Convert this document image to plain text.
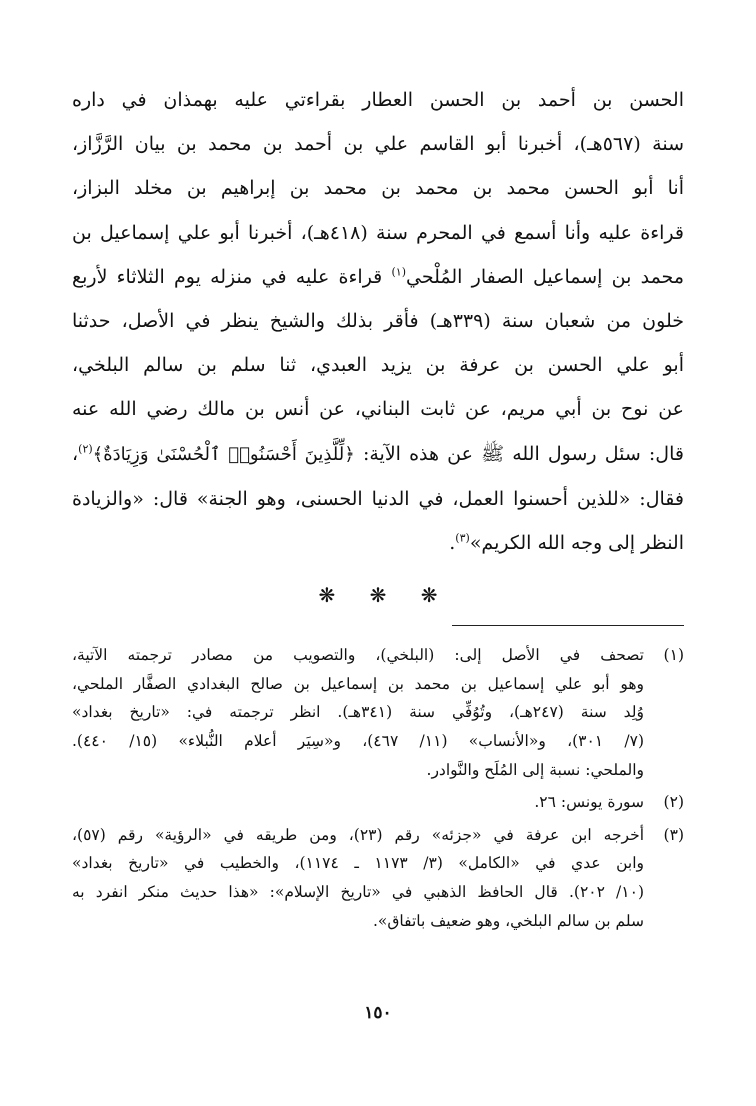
الحسن بن أحمد بن الحسن العطار بقراءتي عليه بهمذان في داره
سنة (٥٦٧هـ)، أخبرنا أبو القاسم علي بن أحمد بن محمد بن بيان الرَّزَّاز،
أنا أبو الحسن محمد بن محمد بن محمد بن إبراهيم بن مخلد البزاز،
قراءة عليه وأنا أسمع في المحرم سنة (٤١٨هـ)، أخبرنا أبو علي إسماعيل بن
محمد بن إسماعيل الصفار المُلْحي$^{(١)}$ قراءة عليه في منزله يوم الثلاثاء لأربع
خلون من شعبان سنة (٣٣٩هـ) فأقر بذلك والشيخ ينظر في الأصل، حدثنا
أبو علي الحسن بن عرفة بن يزيد العبدي، ثنا سلم بن سالم البلخي،
عن نوح بن أبي مريم، عن ثابت البناني، عن أنس بن مالك رضي الله عنه
قال: سئل رسول الله ﷺ عن هذه الآية: ﴿لِّلَّذِينَ أَحْسَنُوا۟ ٱلْحُسْنَىٰ وَزِيَادَةٌ﴾$^{(٢)}$،
فقال: «للذين أحسنوا العمل، في الدنيا الحسنى، وهو الجنة» قال: «والزيادة
النظر إلى وجه الله الكريم»$^{(٣)}$.
❋ ❋ ❋
(١)
تصحف في الأصل إلى: (البلخي)، والتصويب من مصادر ترجمته الآتية،
وهو أبو علي إسماعيل بن محمد بن إسماعيل بن صالح البغدادي الصفَّار الملحي،
وُلِد سنة (٢٤٧هـ)، وتُوُفِّي سنة (٣٤١هـ). انظر ترجمته في: «تاريخ بغداد»
(٧/ ٣٠١)، و«الأنساب» (١١/ ٤٦٧)، و«سِيَر أعلام النُّبلاء» (١٥/ ٤٤٠).
والملحي: نسبة إلى المُلَح والنَّوادر.
(٢)
سورة يونس: ٢٦.
(٣)
أخرجه ابن عرفة في «جزئه» رقم (٢٣)، ومن طريقه في «الرؤية» رقم (٥٧)،
وابن عدي في «الكامل» (٣/ ١١٧٣ ـ ١١٧٤)، والخطيب في «تاريخ بغداد»
(١٠/ ٢٠٢). قال الحافظ الذهبي في «تاريخ الإسلام»: «هذا حديث منكر انفرد به
سلم بن سالم البلخي، وهو ضعيف باتفاق».
١٥٠
